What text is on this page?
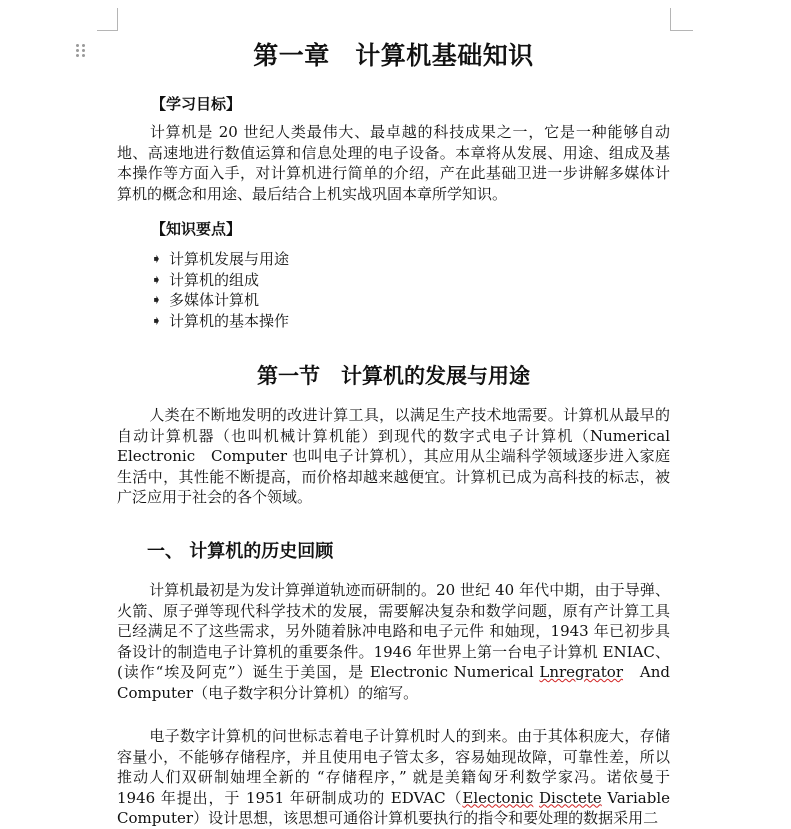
第一章　计算机基础知识
【学习目标】

计算机是 20 世纪人类最伟大、最卓越的科技成果之一，它是一种能够自动地、高速地进行数值运算和信息处理的电子设备。本章将从发展、用途、组成及基本操作等方面入手，对计算机进行简单的介绍，产在此基础卫进一步讲解多媒体计算机的概念和用途、最后结合上机实战巩固本章所学知识。

【知识要点】
➧ 计算机发展与用途
➧ 计算机的组成
➧ 多媒体计算机
➧ 计算机的基本操作
第一节　计算机的发展与用途

人类在不断地发明的改进计算工具，以满足生产技术地需要。计算机从最早的自动计算机器（也叫机械计算机能）到现代的数字式电子计算机（Numerical Electronic　Computer 也叫电子计算机），其应用从尘端科学领域逐步进入家庭生活中，其性能不断提高，而价格却越来越便宜。计算机已成为高科技的标志，被广泛应用于社会的各个领域。

一、 计算机的历史回顾

计算机最初是为发计算弹道轨迹而研制的。20 世纪 40 年代中期，由于导弹、火箭、原子弹等现代科学技术的发展，需要解决复杂和数学问题，原有产计算工具已经满足不了这些需求，另外随着脉冲电路和电子元件 和妯现，1943 年已初步具备设计的制造电子计算机的重要条件。1946 年世界上第一台电子计算机 ENIAC、(读作“埃及阿克”）诞生于美国，是 Electronic Numerical Lnregrator　And Computer（电子数字积分计算机）的缩写。

电子数字计算机的问世标志着电子计算机时人的到来。由于其体积庞大，存储容量小，不能够存储程序，并且使用电子管太多，容易妯现故障，可靠性差，所以推动人们双研制妯埋全新的 “存储程序，” 就是美籍匈牙利数学家冯。诺依曼于 1946 年提出，于 1951 年研制成功的 EDVAC（Electonic Disctete Variable Computer）设计思想，该思想可通俗计算机要执行的指令和要处理的数据采用二
